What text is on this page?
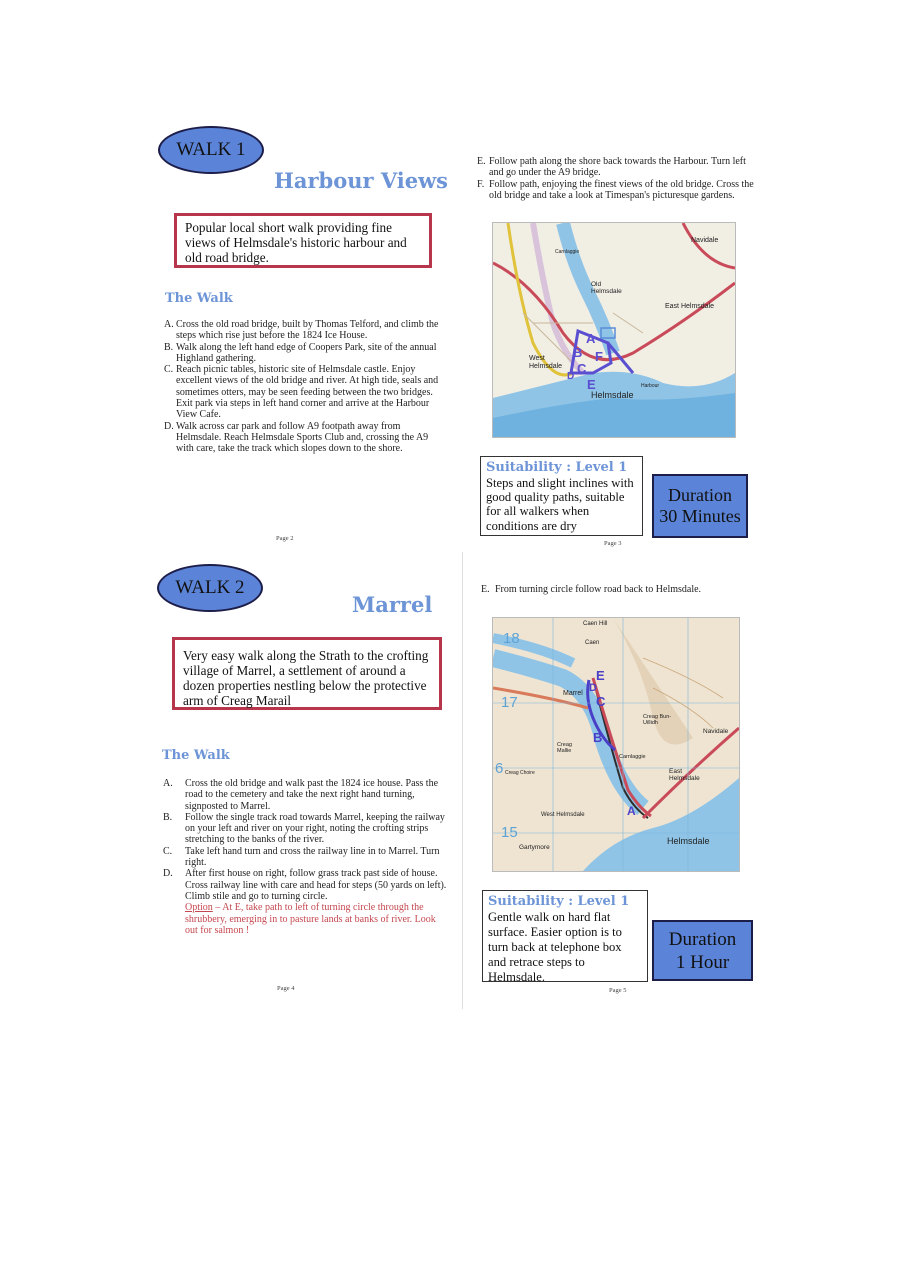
WALK 1
Harbour Views
Popular local short walk providing fine views of Helmsdale's historic harbour and old road bridge.
The Walk
A. Cross the old road bridge, built by Thomas Telford, and climb the steps which rise just before the 1824 Ice House.
B. Walk along the left hand edge of Coopers Park, site of the annual Highland gathering.
C. Reach picnic tables, historic site of Helmsdale castle. Enjoy excellent views of the old bridge and river. At high tide, seals and sometimes otters, may be seen feeding between the two bridges. Exit park via steps in left hand corner and arrive at the Harbour View Cafe.
D. Walk across car park and follow A9 footpath away from Helmsdale. Reach Helmsdale Sports Club and, crossing the A9 with care, take the track which slopes down to the shore.
Page 2
E. Follow path along the shore back towards the Harbour. Turn left and go under the A9 bridge.
F. Follow path, enjoying the finest views of the old bridge. Cross the old bridge and take a look at Timespan's picturesque gardens.
Navidale
Old Helmsdale
East Helmsdale
West Helmsdale
Helmsdale
Harbour
Carnlaggie
A
B F
C
D
E
Suitability : Level 1
Steps and slight inclines with good quality paths, suitable for all walkers when conditions are dry
Duration
30 Minutes
Page 3
WALK 2
Marrel
Very easy walk along the Strath to the crofting village of Marrel, a settlement of around a dozen properties nestling below the protective arm of Creag Marail
The Walk
A.	Cross the old bridge and walk past the 1824 ice house. Pass the road to the cemetery and take the next right hand turning, signposted to Marrel.
B.	Follow the single track road towards Marrel, keeping the railway on your left and river on your right, noting the crofting strips stretching to the banks of the river.
C.	Take left hand turn and cross the railway line in to Marrel. Turn right.
D.	After first house on right, follow grass track past side of house. Cross railway line with care and head for steps (50 yards on left). Climb stile and go to turning circle.
Option – At E, take path to left of turning circle through the shrubbery, emerging in to pasture lands at banks of river. Look out for salmon !
Page 4
E. From turning circle follow road back to Helmsdale.
Caen Hill
Caen
Marrel
Creag Mallie
Creag Bun-Uillidh
Navidale
Carnlaggie
East Helmsdale
West Helmsdale
Helmsdale
Gartymore
Creag Choire
18
17
6
15
E
D
C
B
A
Suitability : Level 1
Gentle walk on hard flat surface. Easier option is to turn back at telephone box and retrace steps to Helmsdale.
Duration
1 Hour
Page 5
